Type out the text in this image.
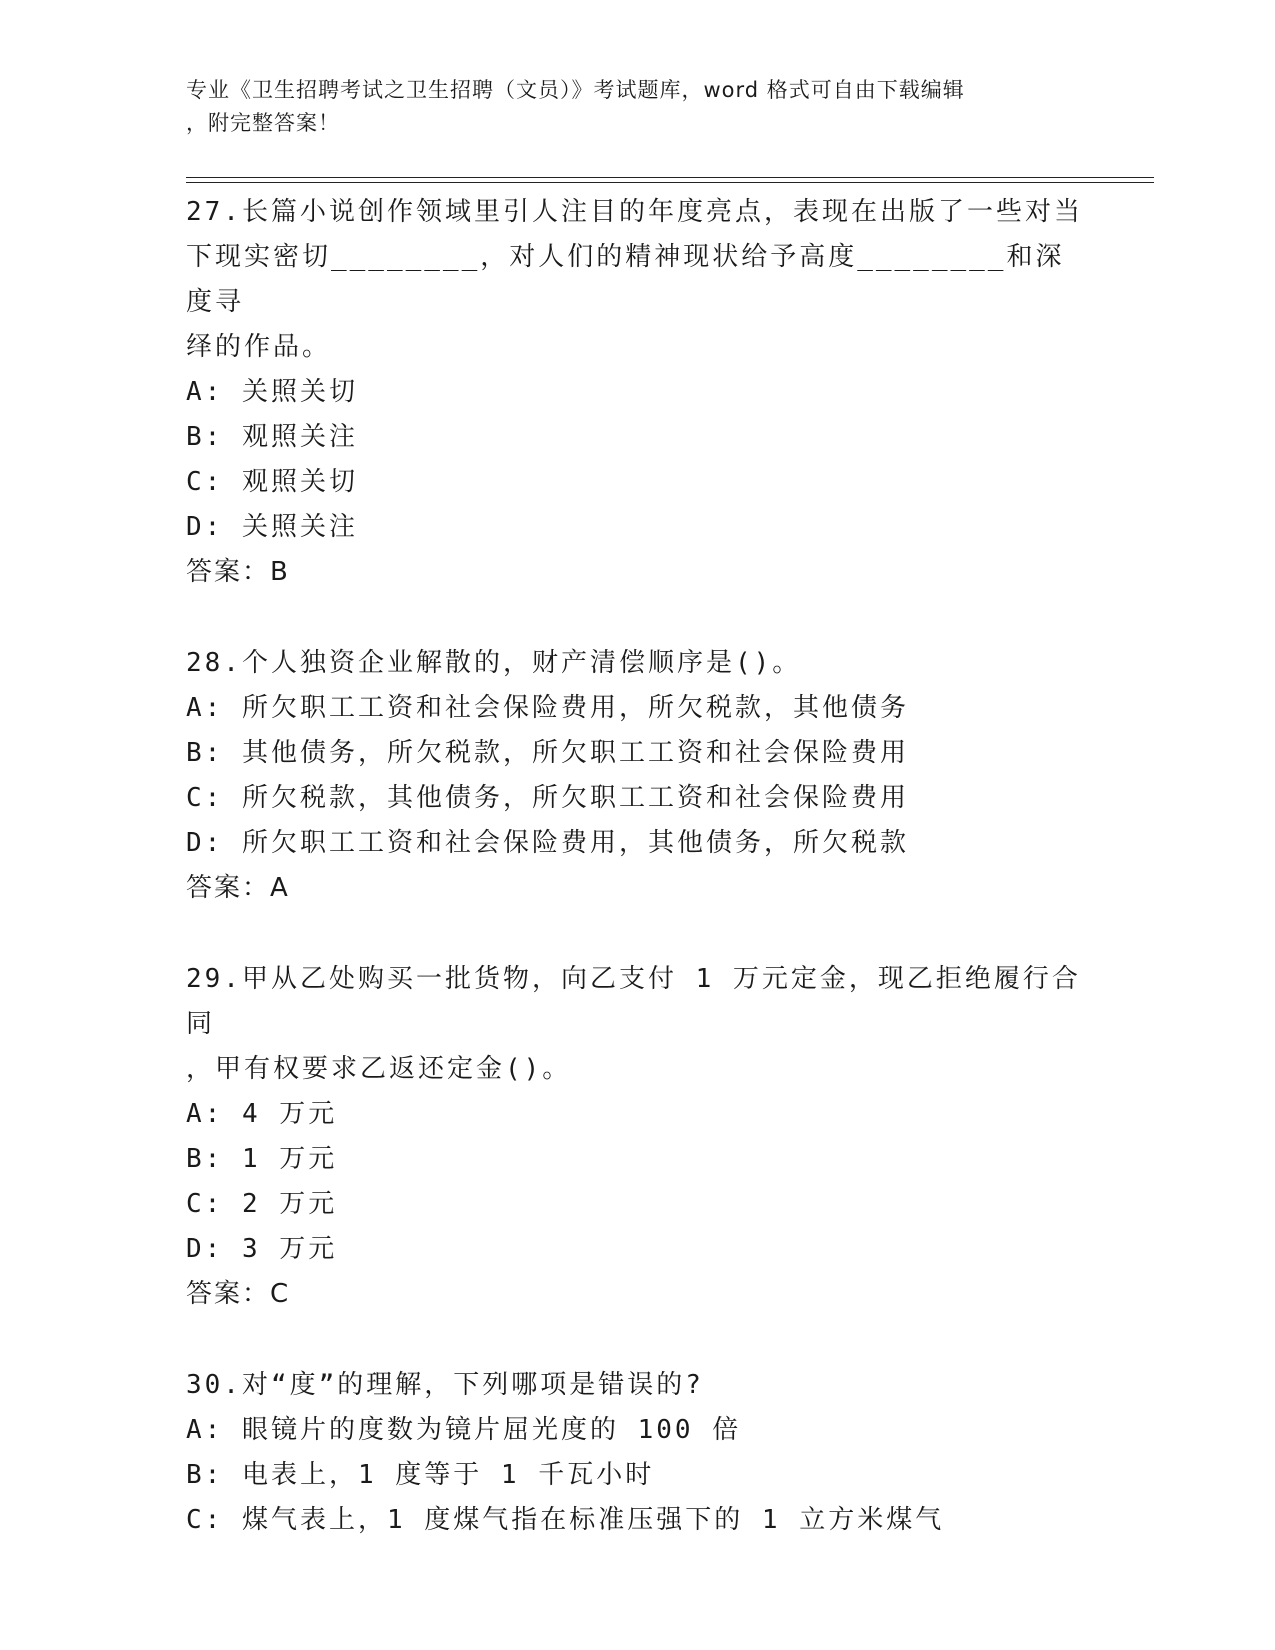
专业《卫生招聘考试之卫生招聘（文员）》考试题库，word 格式可自由下载编辑
，附完整答案！
27.长篇小说创作领域里引人注目的年度亮点，表现在出版了一些对当
下现实密切________，对人们的精神现状给予高度________和深度寻
绎的作品。
A: 关照关切
B: 观照关注
C: 观照关切
D: 关照关注
答案：B
28.个人独资企业解散的，财产清偿顺序是()。
A: 所欠职工工资和社会保险费用，所欠税款，其他债务
B: 其他债务，所欠税款，所欠职工工资和社会保险费用
C: 所欠税款，其他债务，所欠职工工资和社会保险费用
D: 所欠职工工资和社会保险费用，其他债务，所欠税款
答案：A
29.甲从乙处购买一批货物，向乙支付 1 万元定金，现乙拒绝履行合同
，甲有权要求乙返还定金()。
A: 4 万元
B: 1 万元
C: 2 万元
D: 3 万元
答案：C
30.对“度”的理解，下列哪项是错误的?
A: 眼镜片的度数为镜片屈光度的 100 倍
B: 电表上，1 度等于 1 千瓦小时
C: 煤气表上，1 度煤气指在标准压强下的 1 立方米煤气
